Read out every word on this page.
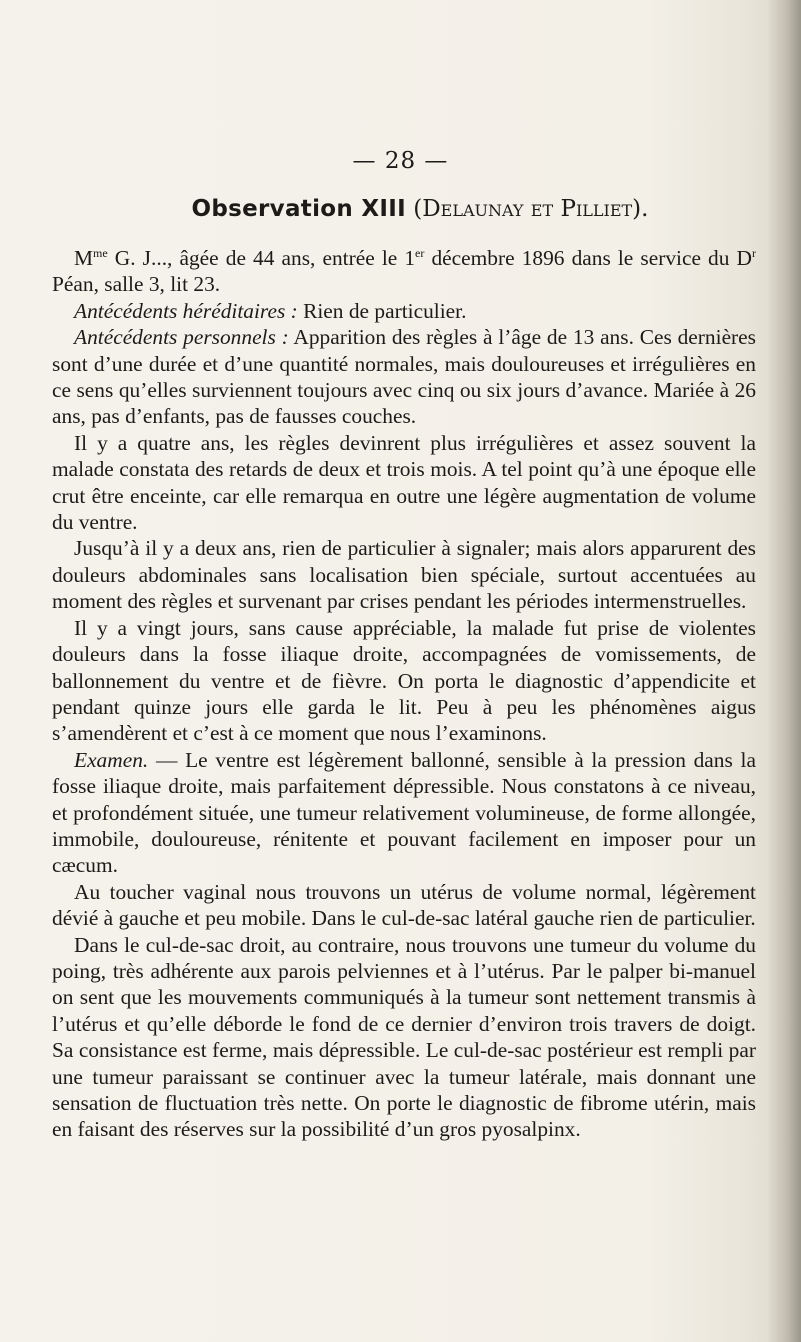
— 28 —
Observation XIII (Delaunay et Pilliet).

$M^{me}$ G. J..., âgée de 44 ans, entrée le 1er décembre 1896 dans le service du $D^r$ Péan, salle 3, lit 23.

Antécédents héréditaires : Rien de particulier.

Antécédents personnels : Apparition des règles à l’âge de 13 ans. Ces dernières sont d’une durée et d’une quantité normales, mais douloureuses et irrégulières en ce sens qu’elles surviennent toujours avec cinq ou six jours d’avance. Mariée à 26 ans, pas d’enfants, pas de fausses couches.

Il y a quatre ans, les règles devinrent plus irrégulières et assez souvent la malade constata des retards de deux et trois mois. A tel point qu’à une époque elle crut être enceinte, car elle remarqua en outre une légère augmentation de volume du ventre.

Jusqu’à il y a deux ans, rien de particulier à signaler; mais alors apparurent des douleurs abdominales sans localisation bien spéciale, surtout accentuées au moment des règles et survenant par crises pendant les périodes intermenstruelles.

Il y a vingt jours, sans cause appréciable, la malade fut prise de violentes douleurs dans la fosse iliaque droite, accompagnées de vomissements, de ballonnement du ventre et de fièvre. On porta le diagnostic d’appendicite et pendant quinze jours elle garda le lit. Peu à peu les phénomènes aigus s’amendèrent et c’est à ce moment que nous l’examinons.

Examen. — Le ventre est légèrement ballonné, sensible à la pression dans la fosse iliaque droite, mais parfaitement dépressible. Nous constatons à ce niveau, et profondément située, une tumeur relativement volumineuse, de forme allongée, immobile, douloureuse, rénitente et pouvant facilement en imposer pour un cæcum.

Au toucher vaginal nous trouvons un utérus de volume normal, légèrement dévié à gauche et peu mobile. Dans le cul-de-sac latéral gauche rien de particulier.

Dans le cul-de-sac droit, au contraire, nous trouvons une tumeur du volume du poing, très adhérente aux parois pelviennes et à l’utérus. Par le palper bi-manuel on sent que les mouvements communiqués à la tumeur sont nettement transmis à l’utérus et qu’elle déborde le fond de ce dernier d’environ trois travers de doigt. Sa consistance est ferme, mais dépressible. Le cul-de-sac postérieur est rempli par une tumeur paraissant se continuer avec la tumeur latérale, mais donnant une sensation de fluctuation très nette. On porte le diagnostic de fibrome utérin, mais en faisant des réserves sur la possibilité d’un gros pyosalpinx.
